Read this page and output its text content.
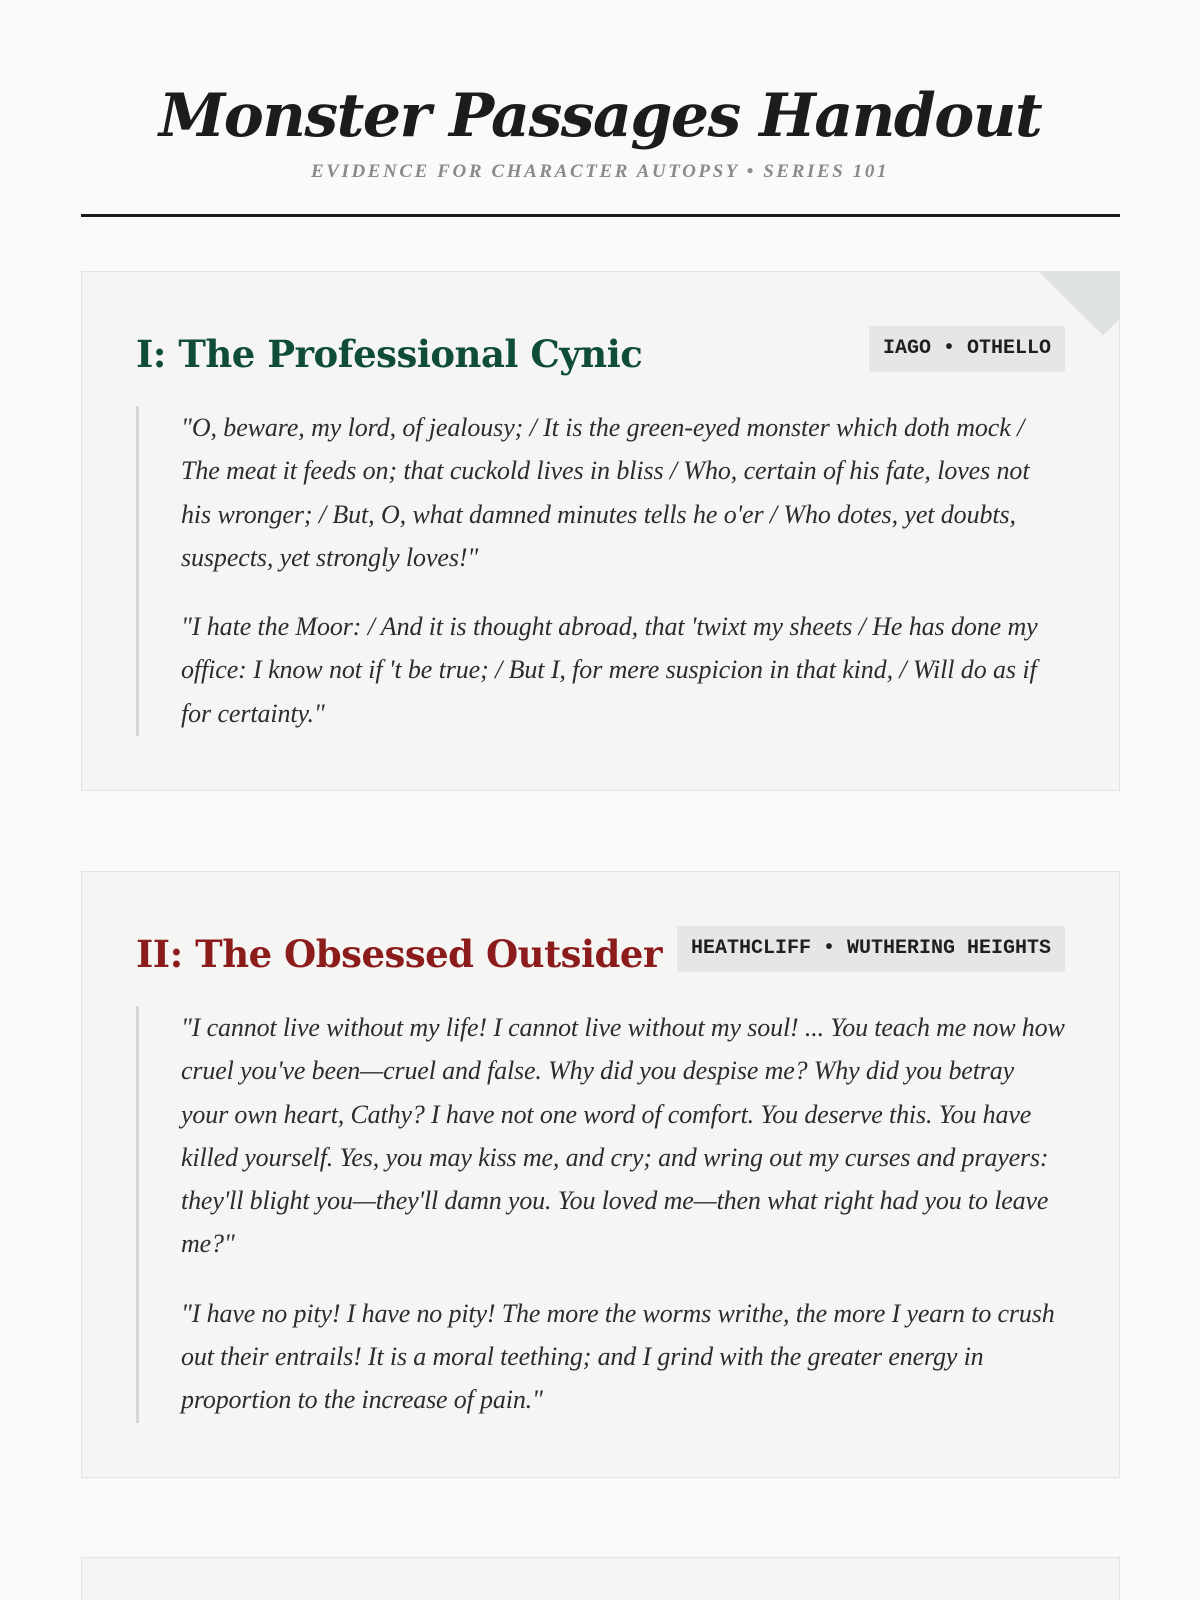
Monster Passages Handout
EVIDENCE FOR CHARACTER AUTOPSY • SERIES 101
I: The Professional Cynic	IAGO • OTHELLO

"O, beware, my lord, of jealousy; / It is the green-eyed monster which doth mock / The meat it feeds on; that cuckold lives in bliss / Who, certain of his fate, loves not his wronger; / But, O, what damned minutes tells he o'er / Who dotes, yet doubts, suspects, yet strongly loves!"

"I hate the Moor: / And it is thought abroad, that 'twixt my sheets / He has done my office: I know not if 't be true; / But I, for mere suspicion in that kind, / Will do as if for certainty."

II: The Obsessed Outsider	HEATHCLIFF • WUTHERING HEIGHTS

"I cannot live without my life! I cannot live without my soul! ... You teach me now how cruel you've been—cruel and false. Why did you despise me? Why did you betray your own heart, Cathy? I have not one word of comfort. You deserve this. You have killed yourself. Yes, you may kiss me, and cry; and wring out my curses and prayers: they'll blight you—they'll damn you. You loved me—then what right had you to leave me?"

"I have no pity! I have no pity! The more the worms writhe, the more I yearn to crush out their entrails! It is a moral teething; and I grind with the greater energy in proportion to the increase of pain."
